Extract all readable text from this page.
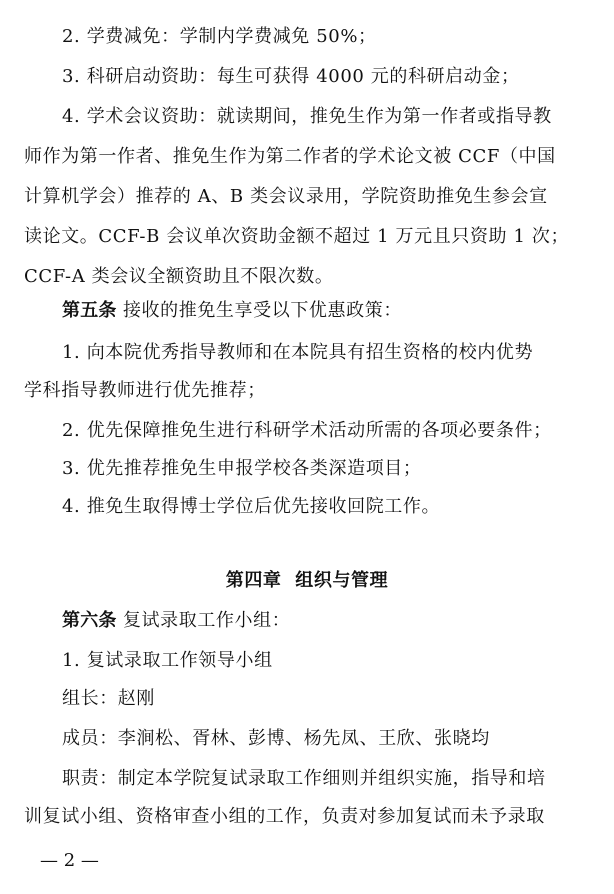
2. 学费减免：学制内学费减免 50%；
3. 科研启动资助：每生可获得 4000 元的科研启动金；
4. 学术会议资助：就读期间，推免生作为第一作者或指导教
师作为第一作者、推免生作为第二作者的学术论文被 CCF（中国
计算机学会）推荐的 A、B 类会议录用，学院资助推免生参会宣
读论文。CCF-B 会议单次资助金额不超过 1 万元且只资助 1 次；
CCF-A 类会议全额资助且不限次数。
第五条 接收的推免生享受以下优惠政策：
1. 向本院优秀指导教师和在本院具有招生资格的校内优势
学科指导教师进行优先推荐；
2. 优先保障推免生进行科研学术活动所需的各项必要条件；
3. 优先推荐推免生申报学校各类深造项目；
4. 推免生取得博士学位后优先接收回院工作。
第四章  组织与管理
第六条 复试录取工作小组：
1. 复试录取工作领导小组
组长：赵刚
成员：李涧松、胥林、彭博、杨先凤、王欣、张晓均
职责：制定本学院复试录取工作细则并组织实施，指导和培
训复试小组、资格审查小组的工作，负责对参加复试而未予录取
— 2 —
